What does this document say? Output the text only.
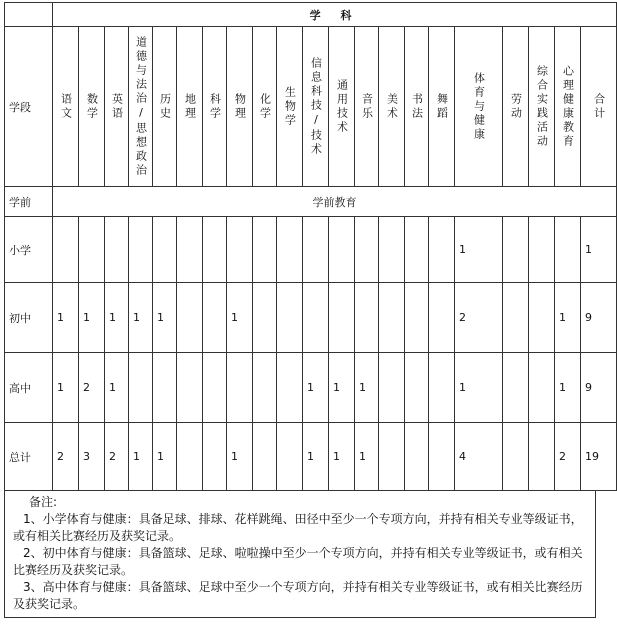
	学 科																				
学段	语文	数学	英语	道德与法治/思想政治	历史	地理	科学	物理	化学	生物学	信息科技/技术	通用技术	音乐	美术	书法	舞蹈	体育与健康	劳动	综合实践活动	心理健康教育	合计
学前	学前教育																				
小学																	1				1
初中	1	1	1	1	1			1									2			1	9
高中	1	2	1								1	1	1				1			1	9
总计	2	3	2	1	1			1			1	1	1				4			2	19
备注:
1、小学体育与健康：具备足球、排球、花样跳绳、田径中至少一个专项方向，并持有相关专业等级证书，或有相关比赛经历及获奖记录。
2、初中体育与健康：具备篮球、足球、啦啦操中至少一个专项方向，并持有相关专业等级证书，或有相关比赛经历及获奖记录。
3、高中体育与健康：具备篮球、足球中至少一个专项方向，并持有相关专业等级证书，或有相关比赛经历及获奖记录。
